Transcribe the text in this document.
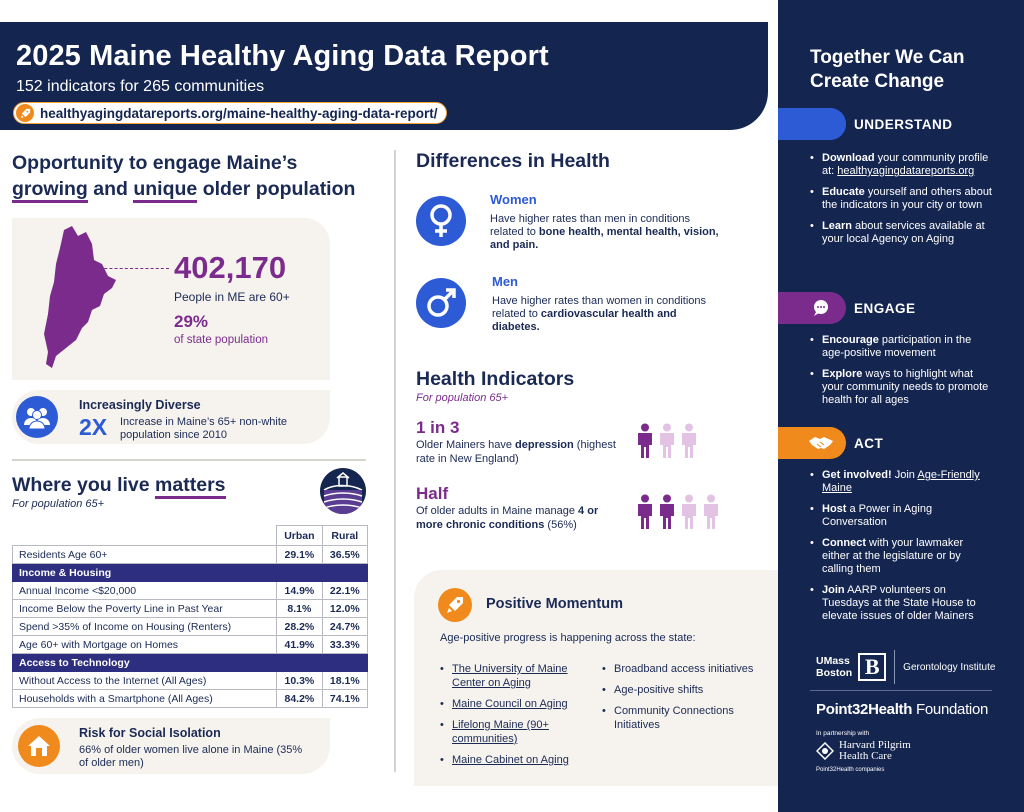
2025 Maine Healthy Aging Data Report
152 indicators for 265 communities
healthyagingdatareports.org/maine-healthy-aging-data-report/
Opportunity to engage Maine’s
growing and unique older population
402,170
People in ME are 60+
29%
of state population
Increasingly Diverse
2X Increase in Maine’s 65+ non-white population since 2010
Where you live matters
For population 65+
	Urban	Rural
Residents Age 60+	29.1%	36.5%
Income & Housing		
Annual Income <$20,000	14.9%	22.1%
Income Below the Poverty Line in Past Year	8.1%	12.0%
Spend >35% of Income on Housing (Renters)	28.2%	24.7%
Age 60+ with Mortgage on Homes	41.9%	33.3%
Access to Technology		
Without Access to the Internet (All Ages)	10.3%	18.1%
Households with a Smartphone (All Ages)	84.2%	74.1%
Risk for Social Isolation
66% of older women live alone in Maine (35% of older men)
Differences in Health
Women
Have higher rates than men in conditions related to bone health, mental health, vision, and pain.
Men
Have higher rates than women in conditions related to cardiovascular health and diabetes.
Health Indicators
For population 65+
1 in 3
Older Mainers have depression (highest rate in New England)
Half
Of older adults in Maine manage 4 or more chronic conditions (56%)
Positive Momentum
Age-positive progress is happening across the state:
• The University of Maine Center on Aging
• Maine Council on Aging
• Lifelong Maine (90+ communities)
• Maine Cabinet on Aging
• Broadband access initiatives
• Age-positive shifts
• Community Connections Initiatives
Together We Can Create Change
UNDERSTAND
• Download your community profile at: healthyagingdatareports.org
• Educate yourself and others about the indicators in your city or town
• Learn about services available at your local Agency on Aging
ENGAGE
• Encourage participation in the age-positive movement
• Explore ways to highlight what your community needs to promote health for all ages
ACT
• Get involved! Join Age-Friendly Maine
• Host a Power in Aging Conversation
• Connect with your lawmaker either at the legislature or by calling them
• Join AARP volunteers on Tuesdays at the State House to elevate issues of older Mainers
UMass
Boston B	Gerontology Institute
Point32Health Foundation
In partnership with
Harvard Pilgrim
Health Care
Point32Health companies
